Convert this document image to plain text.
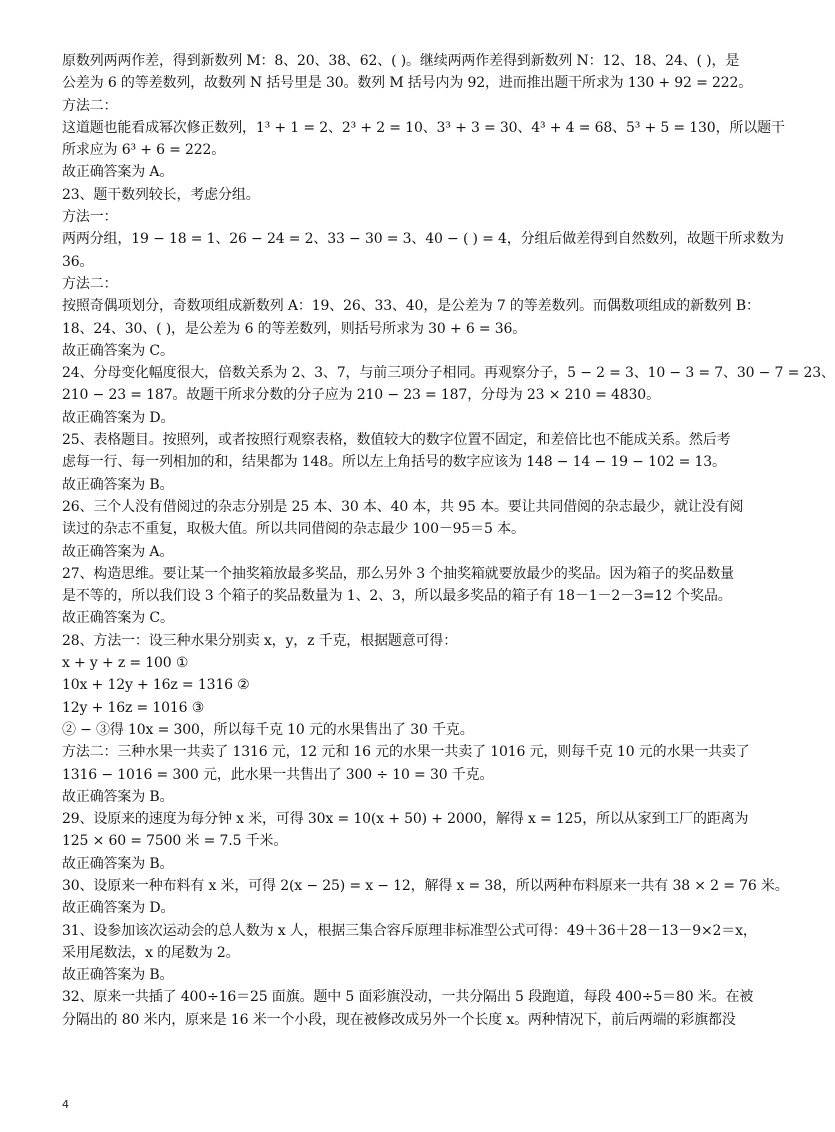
原数列两两作差，得到新数列 M：8、20、38、62、( )。继续两两作差得到新数列 N：12、18、24、( )，是
公差为 6 的等差数列，故数列 N 括号里是 30。数列 M 括号内为 92，进而推出题干所求为 130 + 92 = 222。
方法二：
这道题也能看成幂次修正数列，1³ + 1 = 2、2³ + 2 = 10、3³ + 3 = 30、4³ + 4 = 68、5³ + 5 = 130，所以题干
所求应为 6³ + 6 = 222。
故正确答案为 A。
23、题干数列较长，考虑分组。
方法一：
两两分组，19 − 18 = 1、26 − 24 = 2、33 − 30 = 3、40 − ( ) = 4，分组后做差得到自然数列，故题干所求数为
36。
方法二：
按照奇偶项划分，奇数项组成新数列 A：19、26、33、40，是公差为 7 的等差数列。而偶数项组成的新数列 B：
18、24、30、( )，是公差为 6 的等差数列，则括号所求为 30 + 6 = 36。
故正确答案为 C。
24、分母变化幅度很大，倍数关系为 2、3、7，与前三项分子相同。再观察分子，5 − 2 = 3、10 − 3 = 7、30 − 7 = 23、
210 − 23 = 187。故题干所求分数的分子应为 210 − 23 = 187，分母为 23 × 210 = 4830。
故正确答案为 D。
25、表格题目。按照列，或者按照行观察表格，数值较大的数字位置不固定，和差倍比也不能成关系。然后考
虑每一行、每一列相加的和，结果都为 148。所以左上角括号的数字应该为 148 − 14 − 19 − 102 = 13。
故正确答案为 B。
26、三个人没有借阅过的杂志分别是 25 本、30 本、40 本，共 95 本。要让共同借阅的杂志最少，就让没有阅
读过的杂志不重复，取极大值。所以共同借阅的杂志最少 100－95＝5 本。
故正确答案为 A。
27、构造思维。要让某一个抽奖箱放最多奖品，那么另外 3 个抽奖箱就要放最少的奖品。因为箱子的奖品数量
是不等的，所以我们设 3 个箱子的奖品数量为 1、2、3，所以最多奖品的箱子有 18－1－2－3=12 个奖品。
故正确答案为 C。
28、方法一：设三种水果分别卖 x，y，z 千克，根据题意可得：
x + y + z = 100 ①
10x + 12y + 16z = 1316 ②
12y + 16z = 1016 ③
② − ③得 10x = 300，所以每千克 10 元的水果售出了 30 千克。
方法二：三种水果一共卖了 1316 元，12 元和 16 元的水果一共卖了 1016 元，则每千克 10 元的水果一共卖了
1316 − 1016 = 300 元，此水果一共售出了 300 ÷ 10 = 30 千克。
故正确答案为 B。
29、设原来的速度为每分钟 x 米，可得 30x = 10(x + 50) + 2000，解得 x = 125，所以从家到工厂的距离为
125 × 60 = 7500 米 = 7.5 千米。
故正确答案为 B。
30、设原来一种布料有 x 米，可得 2(x − 25) = x − 12，解得 x = 38，所以两种布料原来一共有 38 × 2 = 76 米。
故正确答案为 D。
31、设参加该次运动会的总人数为 x 人，根据三集合容斥原理非标准型公式可得：49＋36＋28－13－9×2＝x，
采用尾数法，x 的尾数为 2。
故正确答案为 B。
32、原来一共插了 400÷16＝25 面旗。题中 5 面彩旗没动，一共分隔出 5 段跑道，每段 400÷5＝80 米。在被
分隔出的 80 米内，原来是 16 米一个小段，现在被修改成另外一个长度 x。两种情况下，前后两端的彩旗都没
4
